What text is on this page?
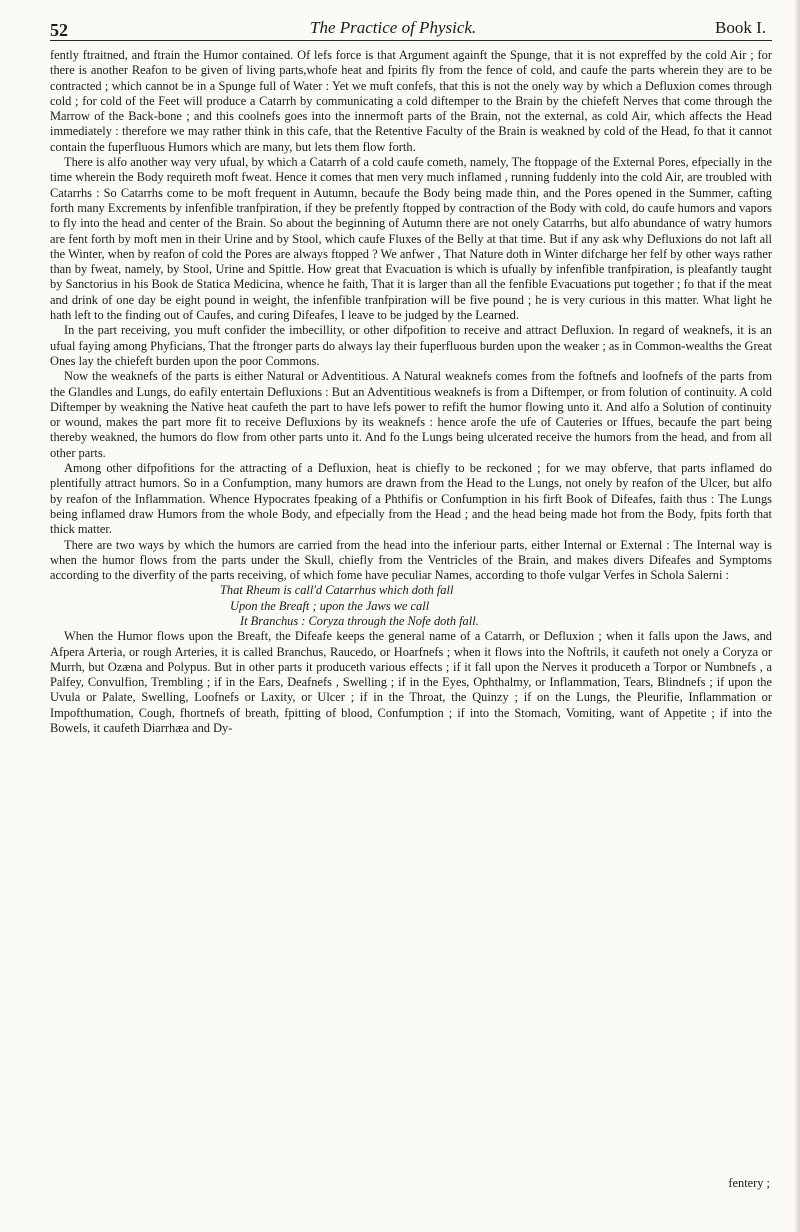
52	The Practice of Physick.	Book I.

fently ftraitned, and ftrain the Humor contained. Of lefs force is that Argument againft the Spunge, that it is not expreffed by the cold Air ; for there is another Reafon to be given of living parts,whofe heat and fpirits fly from the fence of cold, and caufe the parts wherein they are to be contracted ; which cannot be in a Spunge full of Water : Yet we muft confefs, that this is not the onely way by which a Defluxion comes through cold ; for cold of the Feet will produce a Catarrh by communicating a cold diftemper to the Brain by the chiefeft Nerves that come through the Marrow of the Back-bone ; and this coolnefs goes into the innermoft parts of the Brain, not the external, as cold Air, which affects the Head immediately : therefore we may rather think in this cafe, that the Retentive Faculty of the Brain is weakned by cold of the Head, fo that it cannot contain the fuperfluous Humors which are many, but lets them flow forth.

There is alfo another way very ufual, by which a Catarrh of a cold caufe cometh, namely, The ftoppage of the External Pores, efpecially in the time wherein the Body requireth moft fweat. Hence it comes that men very much inflamed , running fuddenly into the cold Air, are troubled with Catarrhs : So Catarrhs come to be moft frequent in Autumn, becaufe the Body being made thin, and the Pores opened in the Summer, cafting forth many Excrements by infenfible tranfpiration, if they be prefently ftopped by contraction of the Body with cold, do caufe humors and vapors to fly into the head and center of the Brain. So about the beginning of Autumn there are not onely Catarrhs, but alfo abundance of watry humors are fent forth by moft men in their Urine and by Stool, which caufe Fluxes of the Belly at that time. But if any ask why Defluxions do not laft all the Winter, when by reafon of cold the Pores are always ftopped ? We anfwer , That Nature doth in Winter difcharge her felf by other ways rather than by fweat, namely, by Stool, Urine and Spittle. How great that Evacuation is which is ufually by infenfible tranfpiration, is pleafantly taught by Sanctorius in his Book de Statica Medicina, whence he faith, That it is larger than all the fenfible Evacuations put together ; fo that if the meat and drink of one day be eight pound in weight, the infenfible tranfpiration will be five pound ; he is very curious in this matter. What light he hath left to the finding out of Caufes, and curing Difeafes, I leave to be judged by the Learned.

In the part receiving, you muft confider the imbecillity, or other difpofition to receive and attract Defluxion. In regard of weaknefs, it is an ufual faying among Phyficians, That the ftronger parts do always lay their fuperfluous burden upon the weaker ; as in Common-wealths the Great Ones lay the chiefeft burden upon the poor Commons.

Now the weaknefs of the parts is either Natural or Adventitious. A Natural weaknefs comes from the foftnefs and loofnefs of the parts from the Glandles and Lungs, do eafily entertain Defluxions : But an Adventitious weaknefs is from a Diftemper, or from folution of continuity. A cold Diftemper by weakning the Native heat caufeth the part to have lefs power to refift the humor flowing unto it. And alfo a Solution of continuity or wound, makes the part more fit to receive Defluxions by its weaknefs : hence arofe the ufe of Cauteries or Iffues, becaufe the part being thereby weakned, the humors do flow from other parts unto it. And fo the Lungs being ulcerated receive the humors from the head, and from all other parts.

Among other difpofitions for the attracting of a Defluxion, heat is chiefly to be reckoned ; for we may obferve, that parts inflamed do plentifully attract humors. So in a Confumption, many humors are drawn from the Head to the Lungs, not onely by reafon of the Ulcer, but alfo by reafon of the Inflammation. Whence Hypocrates fpeaking of a Phthifis or Confumption in his firft Book of Difeafes, faith thus : The Lungs being inflamed draw Humors from the whole Body, and efpecially from the Head ; and the head being made hot from the Body, fpits forth that thick matter.

There are two ways by which the humors are carried from the head into the inferiour parts, either Internal or External : The Internal way is when the humor flows from the parts under the Skull, chiefly from the Ventricles of the Brain, and makes divers Difeafes and Symptoms according to the diverfity of the parts receiving, of which fome have peculiar Names, according to thofe vulgar Verfes in Schola Salerni :

That Rheum is call'd Catarrhus which doth fall
Upon the Breaft ; upon the Jaws we call
It Branchus : Coryza through the Nofe doth fall.

When the Humor flows upon the Breaft, the Difeafe keeps the general name of a Catarrh, or Defluxion ; when it falls upon the Jaws, and Afpera Arteria, or rough Arteries, it is called Branchus, Raucedo, or Hoarfnefs ; when it flows into the Noftrils, it caufeth not onely a Coryza or Murrh, but Ozæna and Polypus. But in other parts it produceth various effects ; if it fall upon the Nerves it produceth a Torpor or Numbnefs , a Palfey, Convulfion, Trembling ; if in the Ears, Deafnefs , Swelling ; if in the Eyes, Ophthalmy, or Inflammation, Tears, Blindnefs ; if upon the Uvula or Palate, Swelling, Loofnefs or Laxity, or Ulcer ; if in the Throat, the Quinzy ; if on the Lungs, the Pleurifie, Inflammation or Impofthumation, Cough, fhortnefs of breath, fpitting of blood, Confumption ; if into the Stomach, Vomiting, want of Appetite ; if into the Bowels, it caufeth Diarrhæa and Dy-

fentery ;
